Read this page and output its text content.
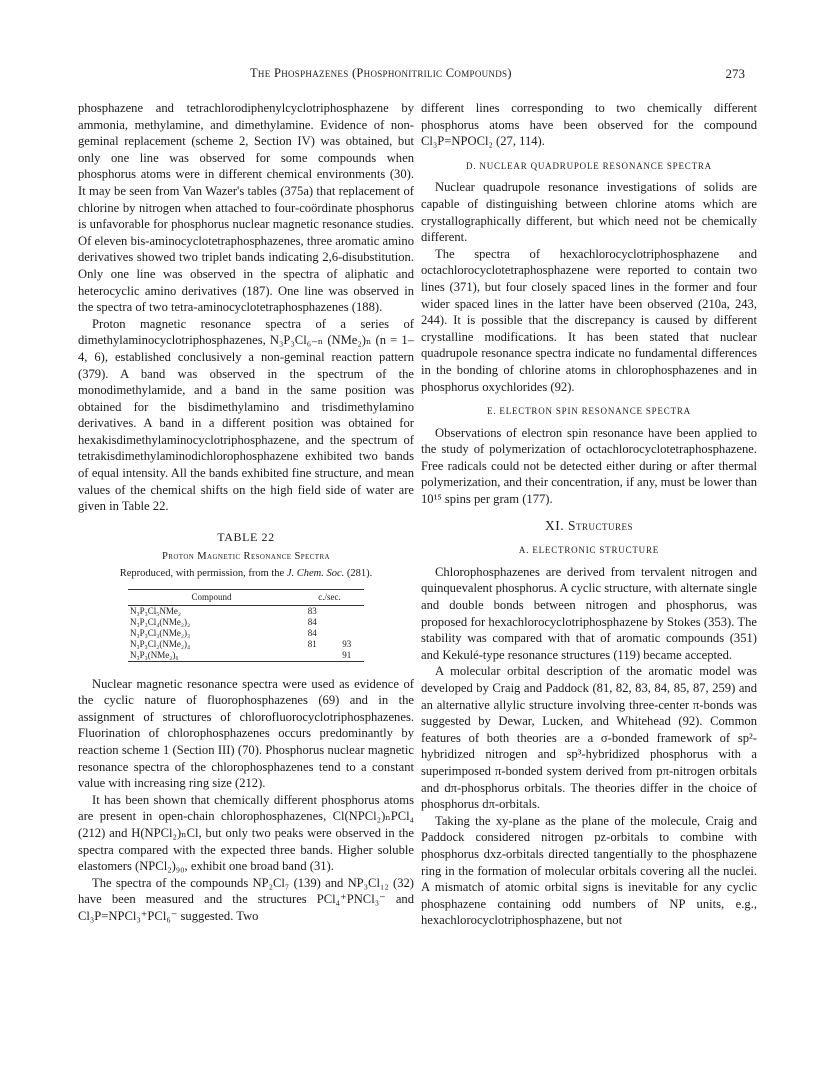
The Phosphazenes (Phosphonitrilic Compounds)	273

phosphazene and tetrachlorodiphenylcyclotriphosphazene by ammonia, methylamine, and dimethylamine. Evidence of non-geminal replacement (scheme 2, Section IV) was obtained, but only one line was observed for some compounds when phosphorus atoms were in different chemical environments (30). It may be seen from Van Wazer's tables (375a) that replacement of chlorine by nitrogen when attached to four-coördinate phosphorus is unfavorable for phosphorus nuclear magnetic resonance studies. Of eleven bis-aminocyclotetraphosphazenes, three aromatic amino derivatives showed two triplet bands indicating 2,6-disubstitution. Only one line was observed in the spectra of aliphatic and heterocyclic amino derivatives (187). One line was observed in the spectra of two tetra-aminocyclotetraphosphazenes (188).

Proton magnetic resonance spectra of a series of dimethylaminocyclotriphosphazenes, N₃P₃Cl₆₋ₙ (NMe₂)ₙ (n = 1–4, 6), established conclusively a non-geminal reaction pattern (379). A band was observed in the spectrum of the monodimethylamide, and a band in the same position was obtained for the bisdimethylamino and trisdimethylamino derivatives. A band in a different position was obtained for hexakisdimethylaminocyclotriphosphazene, and the spectrum of tetrakisdimethylaminodichlorophosphazene exhibited two bands of equal intensity. All the bands exhibited fine structure, and mean values of the chemical shifts on the high field side of water are given in Table 22.

TABLE 22
Proton Magnetic Resonance Spectra
Reproduced, with permission, from the J. Chem. Soc. (281).
Compound	c./sec.	
N₃P₃Cl₅NMe₂	83	
N₃P₃Cl₄(NMe₂)₂	84	
N₃P₃Cl₃(NMe₂)₃	84	
N₃P₃Cl₂(NMe₂)₄	81	93
N₃P₃(NMe₂)₆		91

Nuclear magnetic resonance spectra were used as evidence of the cyclic nature of fluorophosphazenes (69) and in the assignment of structures of chlorofluorocyclotriphosphazenes. Fluorination of chlorophosphazenes occurs predominantly by reaction scheme 1 (Section III) (70). Phosphorus nuclear magnetic resonance spectra of the chlorophosphazenes tend to a constant value with increasing ring size (212).

It has been shown that chemically different phosphorus atoms are present in open-chain chlorophosphazenes, Cl(NPCl₂)ₙPCl₄ (212) and H(NPCl₂)ₙCl, but only two peaks were observed in the spectra compared with the expected three bands. Higher soluble elastomers (NPCl₂)₉₀, exhibit one broad band (31).

The spectra of the compounds NP₂Cl₇ (139) and NP₃Cl₁₂ (32) have been measured and the structures PCl₄⁺PNCl₃⁻ and Cl₃P=NPCl₃⁺PCl₆⁻ suggested. Two

different lines corresponding to two chemically different phosphorus atoms have been observed for the compound Cl₃P=NPOCl₂ (27, 114).

D. NUCLEAR QUADRUPOLE RESONANCE SPECTRA

Nuclear quadrupole resonance investigations of solids are capable of distinguishing between chlorine atoms which are crystallographically different, but which need not be chemically different.

The spectra of hexachlorocyclotriphosphazene and octachlorocyclotetraphosphazene were reported to contain two lines (371), but four closely spaced lines in the former and four wider spaced lines in the latter have been observed (210a, 243, 244). It is possible that the discrepancy is caused by different crystalline modifications. It has been stated that nuclear quadrupole resonance spectra indicate no fundamental differences in the bonding of chlorine atoms in chlorophosphazenes and in phosphorus oxychlorides (92).

E. ELECTRON SPIN RESONANCE SPECTRA

Observations of electron spin resonance have been applied to the study of polymerization of octachlorocyclotetraphosphazene. Free radicals could not be detected either during or after thermal polymerization, and their concentration, if any, must be lower than 10¹⁵ spins per gram (177).

XI. Structures
A. ELECTRONIC STRUCTURE

Chlorophosphazenes are derived from tervalent nitrogen and quinquevalent phosphorus. A cyclic structure, with alternate single and double bonds between nitrogen and phosphorus, was proposed for hexachlorocyclotriphosphazene by Stokes (353). The stability was compared with that of aromatic compounds (351) and Kekulé-type resonance structures (119) became accepted.

A molecular orbital description of the aromatic model was developed by Craig and Paddock (81, 82, 83, 84, 85, 87, 259) and an alternative allylic structure involving three-center π-bonds was suggested by Dewar, Lucken, and Whitehead (92). Common features of both theories are a σ-bonded framework of sp²-hybridized nitrogen and sp³-hybridized phosphorus with a superimposed π-bonded system derived from pπ-nitrogen orbitals and dπ-phosphorus orbitals. The theories differ in the choice of phosphorus dπ-orbitals.

Taking the xy-plane as the plane of the molecule, Craig and Paddock considered nitrogen pz-orbitals to combine with phosphorus dxz-orbitals directed tangentially to the phosphazene ring in the formation of molecular orbitals covering all the nuclei. A mismatch of atomic orbital signs is inevitable for any cyclic phosphazene containing odd numbers of NP units, e.g., hexachlorocyclotriphosphazene, but not
